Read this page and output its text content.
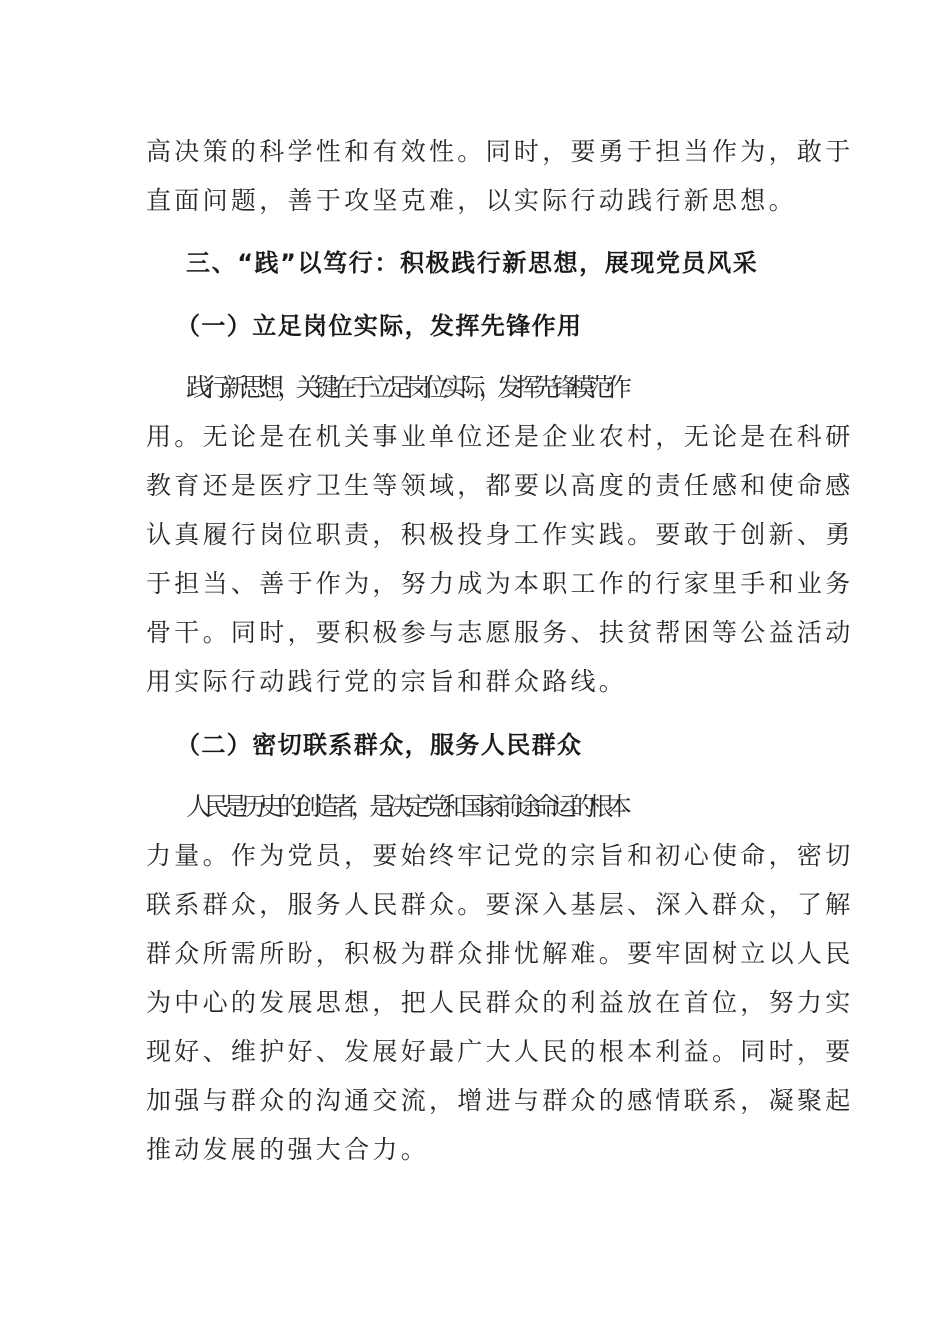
高决策的科学性和有效性。同时，要勇于担当作为，敢于
直面问题，善于攻坚克难，以实际行动践行新思想。
三、“践”以笃行：积极践行新思想，展现党员风采
（一）立足岗位实际，发挥先锋作用
践行新思想，关键在于立足岗位实际，发挥先锋模范作
用。无论是在机关事业单位还是企业农村，无论是在科研
教育还是医疗卫生等领域，都要以高度的责任感和使命感
认真履行岗位职责，积极投身工作实践。要敢于创新、勇
于担当、善于作为，努力成为本职工作的行家里手和业务
骨干。同时，要积极参与志愿服务、扶贫帮困等公益活动
用实际行动践行党的宗旨和群众路线。
（二）密切联系群众，服务人民群众
人民是历史的创造者，是决定党和国家前途命运的根本
力量。作为党员，要始终牢记党的宗旨和初心使命，密切
联系群众，服务人民群众。要深入基层、深入群众，了解
群众所需所盼，积极为群众排忧解难。要牢固树立以人民
为中心的发展思想，把人民群众的利益放在首位，努力实
现好、维护好、发展好最广大人民的根本利益。同时，要
加强与群众的沟通交流，增进与群众的感情联系，凝聚起
推动发展的强大合力。
